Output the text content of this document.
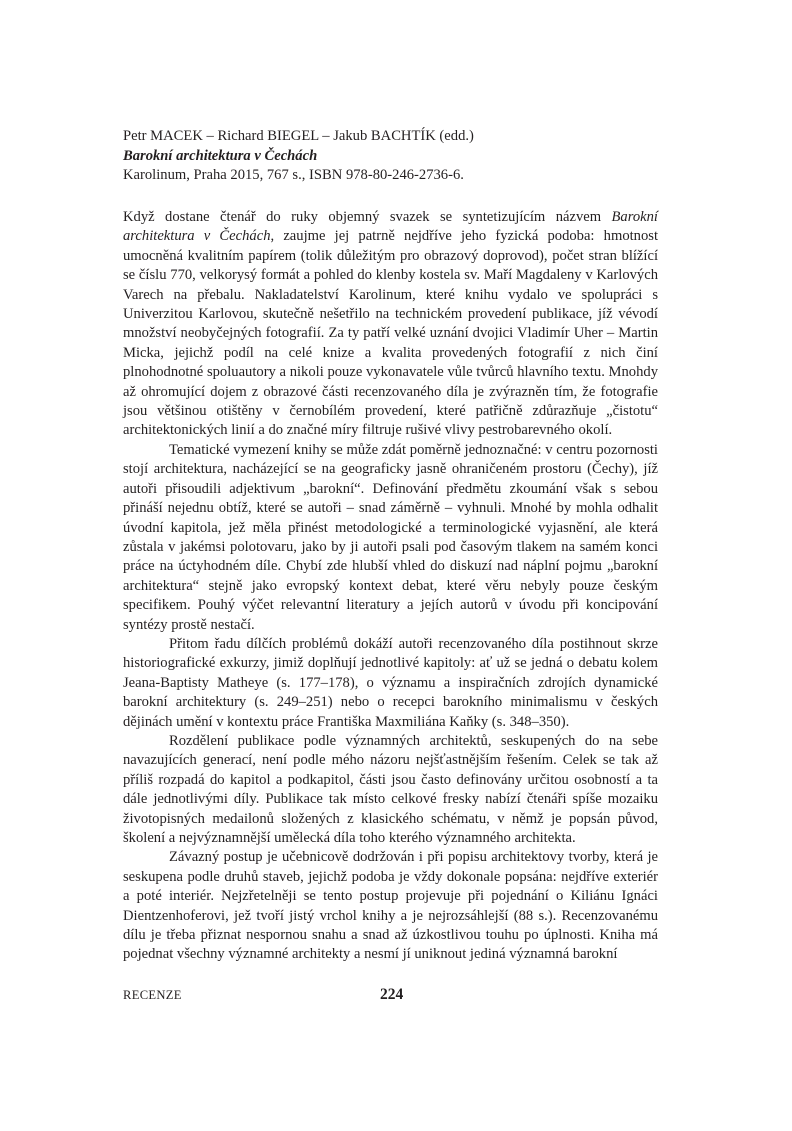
Petr MACEK – Richard BIEGEL – Jakub BACHTÍK (edd.)
Barokní architektura v Čechách
Karolinum, Praha 2015, 767 s., ISBN 978-80-246-2736-6.

Když dostane čtenář do ruky objemný svazek se syntetizujícím názvem Barokní architektura v Čechách, zaujme jej patrně nejdříve jeho fyzická podoba: hmotnost umocněná kvalitním papírem (tolik důležitým pro obrazový doprovod), počet stran blížící se číslu 770, velkorysý formát a pohled do klenby kostela sv. Maří Magdaleny v Karlových Varech na přebalu. Nakladatelství Karolinum, které knihu vydalo ve spolupráci s Univerzitou Karlovou, skutečně nešetřilo na technickém provedení publikace, jíž vévodí množství neobyčejných fotografií. Za ty patří velké uznání dvojici Vladimír Uher – Martin Micka, jejichž podíl na celé knize a kvalita provedených fotografií z nich činí plnohodnotné spoluautory a nikoli pouze vykonavatele vůle tvůrců hlavního textu. Mnohdy až ohromující dojem z obrazové části recenzovaného díla je zvýrazněn tím, že fotografie jsou většinou otištěny v černobílém provedení, které patřičně zdůrazňuje „čistotu“ architektonických linií a do značné míry filtruje rušivé vlivy pestrobarevného okolí.

Tematické vymezení knihy se může zdát poměrně jednoznačné: v centru pozornosti stojí architektura, nacházející se na geograficky jasně ohraničeném prostoru (Čechy), jíž autoři přisoudili adjektivum „barokní“. Definování předmětu zkoumání však s sebou přináší nejednu obtíž, které se autoři – snad záměrně – vyhnuli. Mnohé by mohla odhalit úvodní kapitola, jež měla přinést metodologické a terminologické vyjasnění, ale která zůstala v jakémsi polotovaru, jako by ji autoři psali pod časovým tlakem na samém konci práce na úctyhodném díle. Chybí zde hlubší vhled do diskuzí nad náplní pojmu „barokní architektura“ stejně jako evropský kontext debat, které věru nebyly pouze českým specifikem. Pouhý výčet relevantní literatury a jejích autorů v úvodu při koncipování syntézy prostě nestačí.

Přitom řadu dílčích problémů dokáží autoři recenzovaného díla postihnout skrze historiografické exkurzy, jimiž doplňují jednotlivé kapitoly: ať už se jedná o debatu kolem Jeana-Baptisty Matheye (s. 177–178), o významu a inspiračních zdrojích dynamické barokní architektury (s. 249–251) nebo o recepci barokního minimalismu v českých dějinách umění v kontextu práce Františka Maxmiliána Kaňky (s. 348–350).

Rozdělení publikace podle významných architektů, seskupených do na sebe navazujících generací, není podle mého názoru nejšťastnějším řešením. Celek se tak až příliš rozpadá do kapitol a podkapitol, části jsou často definovány určitou osobností a ta dále jednotlivými díly. Publikace tak místo celkové fresky nabízí čtenáři spíše mozaiku životopisných medailonů složených z klasického schématu, v němž je popsán původ, školení a nejvýznamnější umělecká díla toho kterého významného architekta.

Závazný postup je učebnicově dodržován i při popisu architektovy tvorby, která je seskupena podle druhů staveb, jejichž podoba je vždy dokonale popsána: nejdříve exteriér a poté interiér. Nejzřetelněji se tento postup projevuje při pojednání o Kiliánu Ignáci Dientzenhoferovi, jež tvoří jistý vrchol knihy a je nejrozsáhlejší (88 s.). Recenzovanému dílu je třeba přiznat nespornou snahu a snad až úzkostlivou touhu po úplnosti. Kniha má pojednat všechny významné architekty a nesmí jí uniknout jediná významná barokní

RECENZE	224
